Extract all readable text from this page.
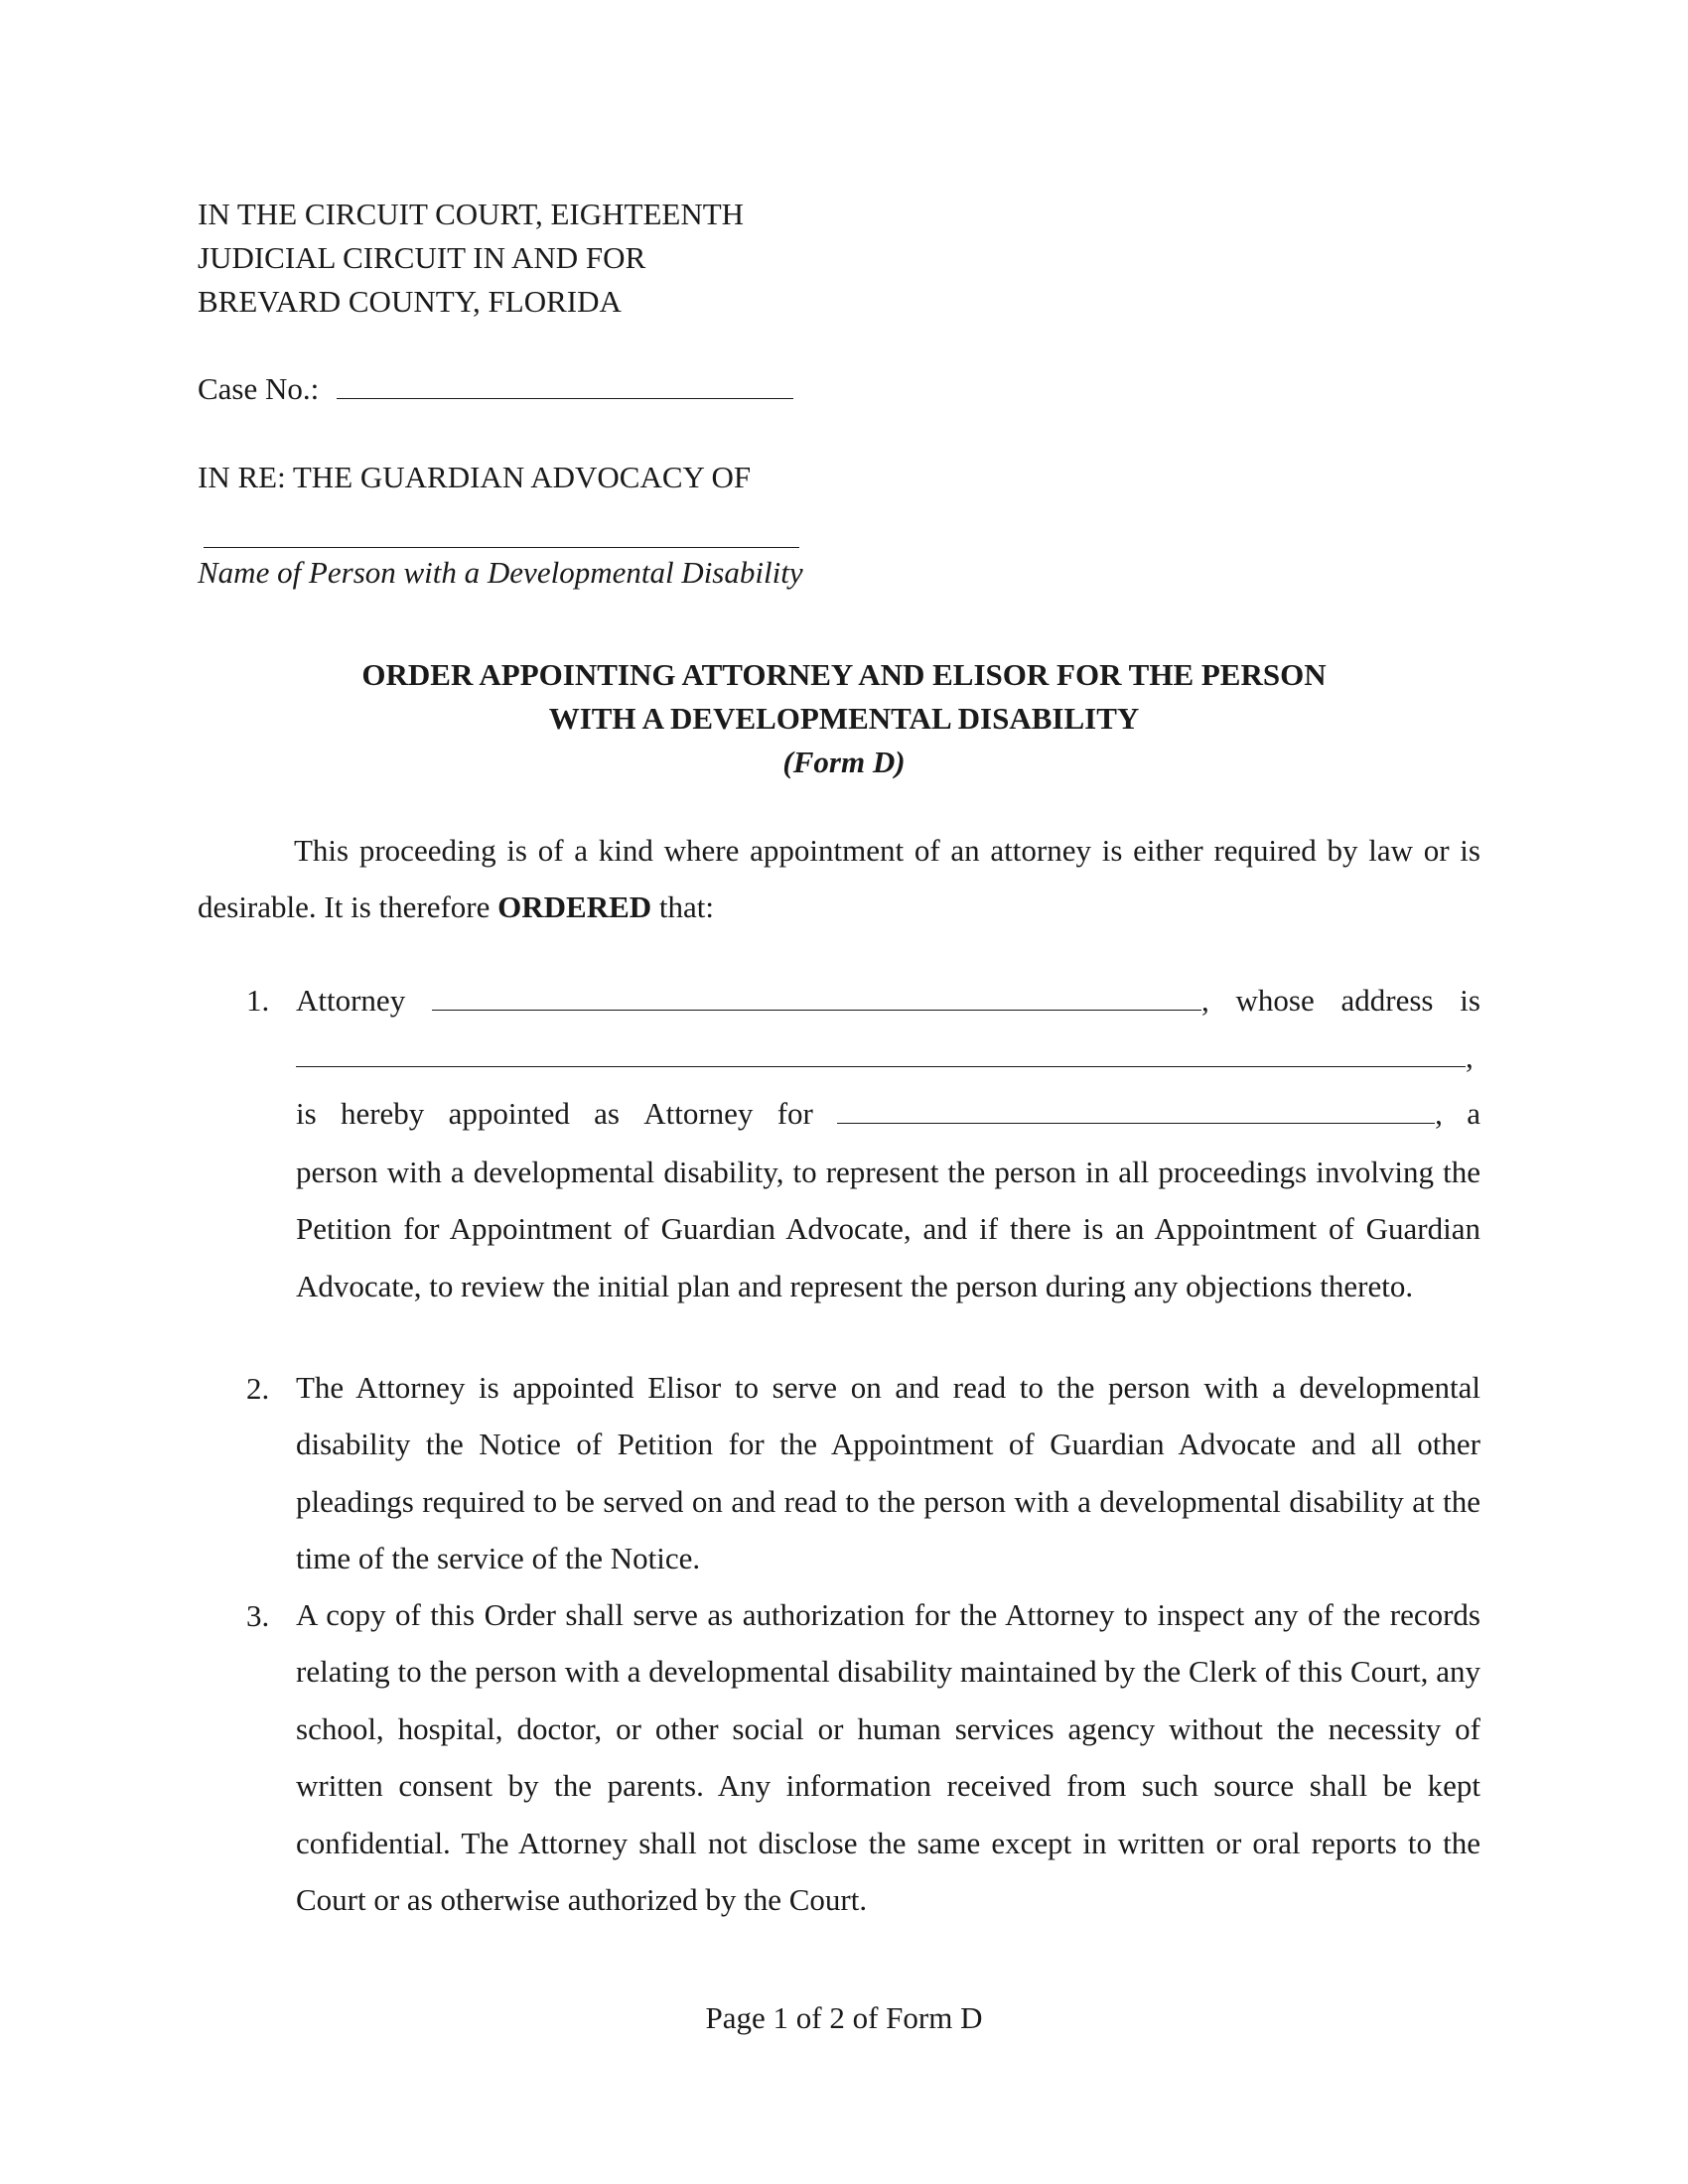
IN THE CIRCUIT COURT, EIGHTEENTH
JUDICIAL CIRCUIT IN AND FOR
BREVARD COUNTY, FLORIDA
Case No.:
IN RE: THE GUARDIAN ADVOCACY OF
Name of Person with a Developmental Disability
ORDER APPOINTING ATTORNEY AND ELISOR FOR THE PERSON
WITH A DEVELOPMENTAL DISABILITY
(Form D)
This proceeding is of a kind where appointment of an attorney is either required by law or is desirable. It is therefore ORDERED that:
1. Attorney	, whose address is
,
is hereby appointed as Attorney for	, a
person with a developmental disability, to represent the person in all proceedings involving the Petition for Appointment of Guardian Advocate, and if there is an Appointment of Guardian Advocate, to review the initial plan and represent the person during any objections thereto.
2. The Attorney is appointed Elisor to serve on and read to the person with a developmental disability the Notice of Petition for the Appointment of Guardian Advocate and all other pleadings required to be served on and read to the person with a developmental disability at the time of the service of the Notice.
3. A copy of this Order shall serve as authorization for the Attorney to inspect any of the records relating to the person with a developmental disability maintained by the Clerk of this Court, any school, hospital, doctor, or other social or human services agency without the necessity of written consent by the parents. Any information received from such source shall be kept confidential. The Attorney shall not disclose the same except in written or oral reports to the Court or as otherwise authorized by the Court.
Page 1 of 2 of Form D
